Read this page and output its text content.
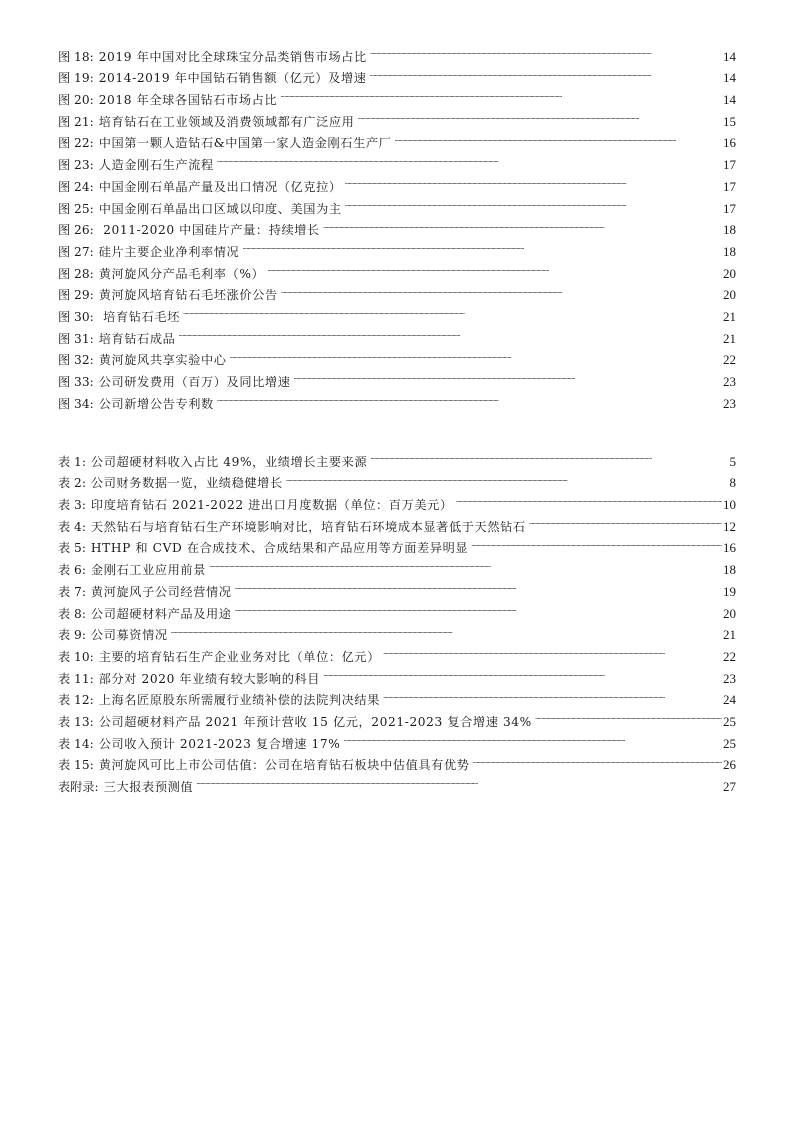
图 18: 2019 年中国对比全球珠宝分品类销售市场占比 . . .	14
图 19: 2014-2019 年中国钻石销售额（亿元）及增速 . . .	14
图 20: 2018 年全球各国钻石市场占比 . . .	14
图 21: 培育钻石在工业领域及消费领域都有广泛应用 . . .	15
图 22: 中国第一颗人造钻石&中国第一家人造金刚石生产厂 . . .	16
图 23: 人造金刚石生产流程 . . .	17
图 24: 中国金刚石单晶产量及出口情况（亿克拉） . . .	17
图 25: 中国金刚石单晶出口区域以印度、美国为主 . . .	17
图 26: 2011-2020 中国硅片产量：持续增长 . . .	18
图 27: 硅片主要企业净利率情况 . . .	18
图 28: 黄河旋风分产品毛利率（%） . . .	20
图 29: 黄河旋风培育钻石毛坯涨价公告 . . .	20
图 30: 培育钻石毛坯 . . .	21
图 31: 培育钻石成品 . . .	21
图 32: 黄河旋风共享实验中心 . . .	22
图 33: 公司研发费用（百万）及同比增速 . . .	23
图 34: 公司新增公告专利数 . . .	23
表 1: 公司超硬材料收入占比 49%，业绩增长主要来源 . . .	5
表 2: 公司财务数据一览，业绩稳健增长 . . .	8
表 3: 印度培育钻石 2021-2022 进出口月度数据（单位：百万美元） . . .	10
表 4: 天然钻石与培育钻石生产环境影响对比，培育钻石环境成本显著低于天然钻石 . . .	12
表 5: HTHP 和 CVD 在合成技术、合成结果和产品应用等方面差异明显 . . .	16
表 6: 金刚石工业应用前景 . . .	18
表 7: 黄河旋风子公司经营情况 . . .	19
表 8: 公司超硬材料产品及用途 . . .	20
表 9: 公司募资情况 . . .	21
表 10: 主要的培育钻石生产企业业务对比（单位：亿元） . . .	22
表 11: 部分对 2020 年业绩有较大影响的科目 . . .	23
表 12: 上海名匠原股东所需履行业绩补偿的法院判决结果 . . .	24
表 13: 公司超硬材料产品 2021 年预计营收 15 亿元，2021-2023 复合增速 34% . . .	25
表 14: 公司收入预计 2021-2023 复合增速 17% . . .	25
表 15: 黄河旋风可比上市公司估值：公司在培育钻石板块中估值具有优势 . . .	26
表附录: 三大报表预测值 . . .	27
